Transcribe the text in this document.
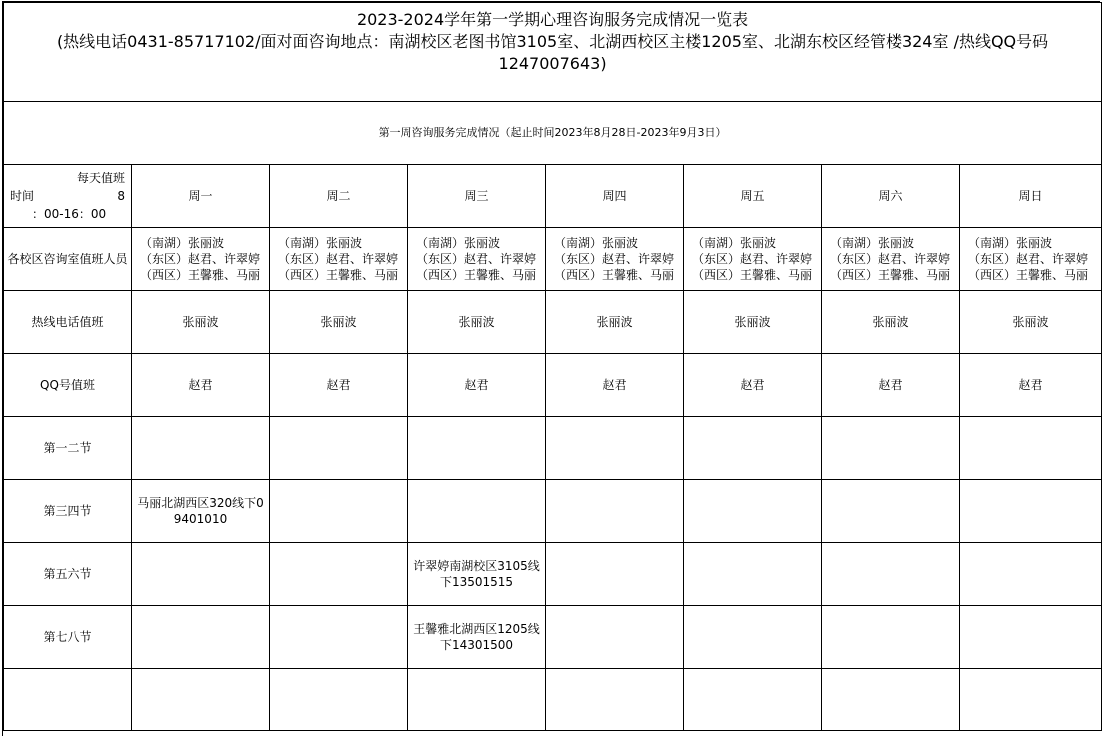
2023-2024学年第一学期心理咨询服务完成情况一览表
(热线电话0431-85717102/面对面咨询地点：南湖校区老图书馆3105室、北湖西校区主楼1205室、北湖东校区经管楼324室 /热线QQ号码
1247007643)							

第一周咨询服务完成情况（起止时间2023年8月28日-2023年9月3日）							

每天值班
时间 8
：00-16：00	周一	周二	周三	周四	周五	周六	周日
各校区咨询室值班人员	（南湖）张丽波
（东区）赵君、许翠婷
（西区）王馨雅、马丽	（南湖）张丽波
（东区）赵君、许翠婷
（西区）王馨雅、马丽	（南湖）张丽波
（东区）赵君、许翠婷
（西区）王馨雅、马丽	（南湖）张丽波
（东区）赵君、许翠婷
（西区）王馨雅、马丽	（南湖）张丽波
（东区）赵君、许翠婷
（西区）王馨雅、马丽	（南湖）张丽波
（东区）赵君、许翠婷
（西区）王馨雅、马丽	（南湖）张丽波
（东区）赵君、许翠婷
（西区）王馨雅、马丽

热线电话值班	张丽波	张丽波	张丽波	张丽波	张丽波	张丽波	张丽波
QQ号值班	赵君	赵君	赵君	赵君	赵君	赵君	赵君
第一二节							
第三四节	马丽北湖西区320线下09401010						
第五六节			许翠婷南湖校区3105线下13501515				
第七八节			王馨雅北湖西区1205线下14301500				
